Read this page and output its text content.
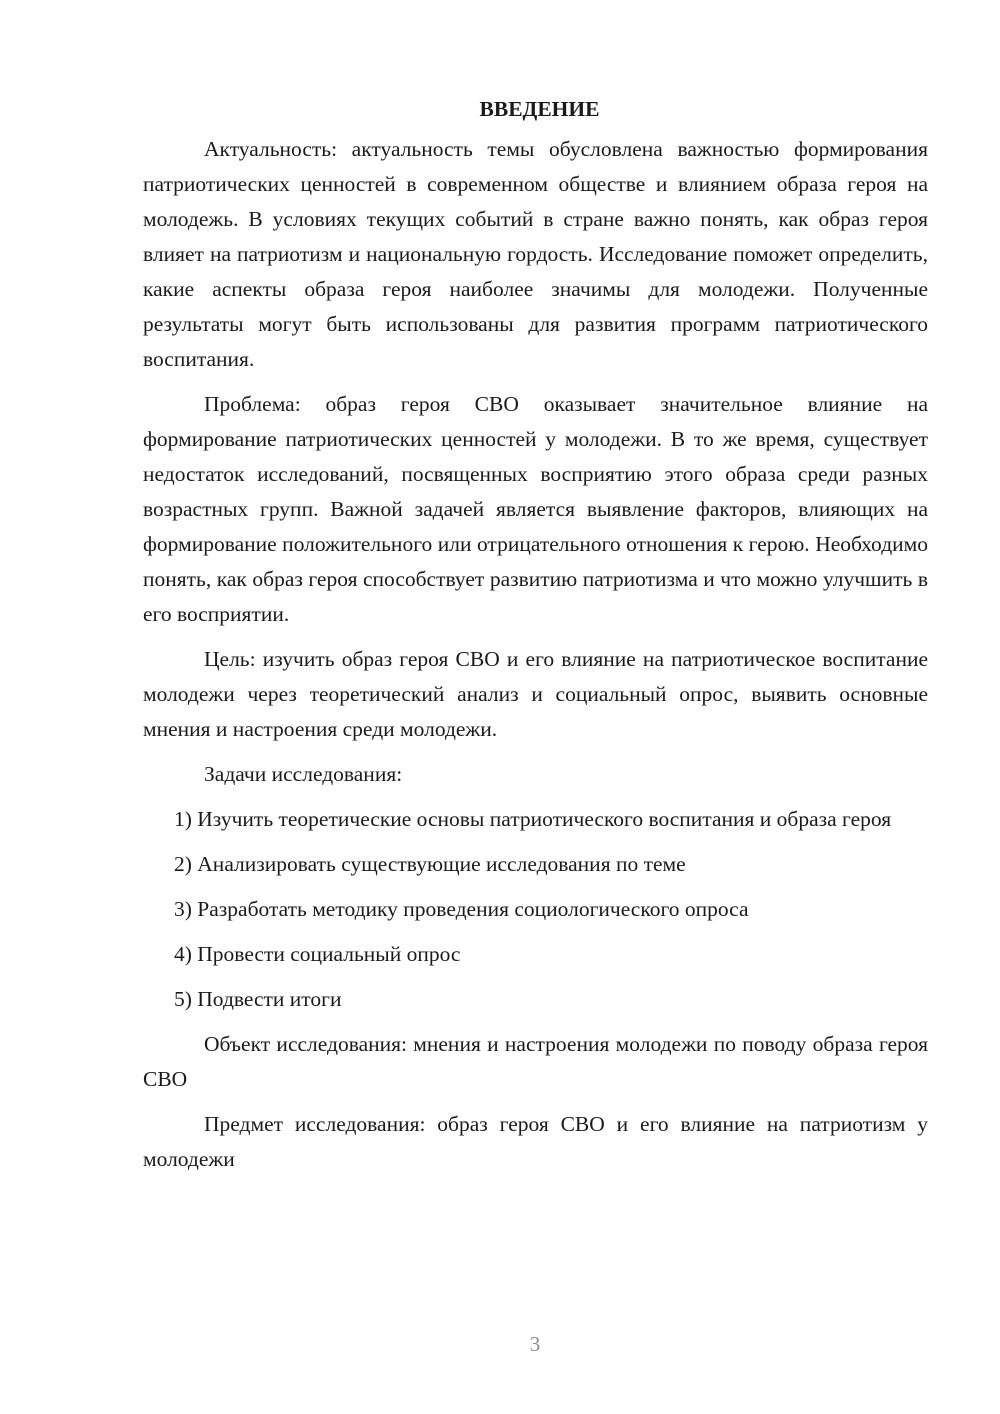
ВВЕДЕНИЕ

Актуальность: актуальность темы обусловлена важностью формирования патриотических ценностей в современном обществе и влиянием образа героя на молодежь. В условиях текущих событий в стране важно понять, как образ героя влияет на патриотизм и национальную гордость. Исследование поможет определить, какие аспекты образа героя наиболее значимы для молодежи. Полученные результаты могут быть использованы для развития программ патриотического воспитания.

Проблема: образ героя СВО оказывает значительное влияние на формирование патриотических ценностей у молодежи. В то же время, существует недостаток исследований, посвященных восприятию этого образа среди разных возрастных групп. Важной задачей является выявление факторов, влияющих на формирование положительного или отрицательного отношения к герою. Необходимо понять, как образ героя способствует развитию патриотизма и что можно улучшить в его восприятии.

Цель: изучить образ героя СВО и его влияние на патриотическое воспитание молодежи через теоретический анализ и социальный опрос, выявить основные мнения и настроения среди молодежи.

Задачи исследования:

1) Изучить теоретические основы патриотического воспитания и образа героя

2) Анализировать существующие исследования по теме

3) Разработать методику проведения социологического опроса

4) Провести социальный опрос

5) Подвести итоги

Объект исследования: мнения и настроения молодежи по поводу образа героя СВО

Предмет исследования: образ героя СВО и его влияние на патриотизм у молодежи

3
